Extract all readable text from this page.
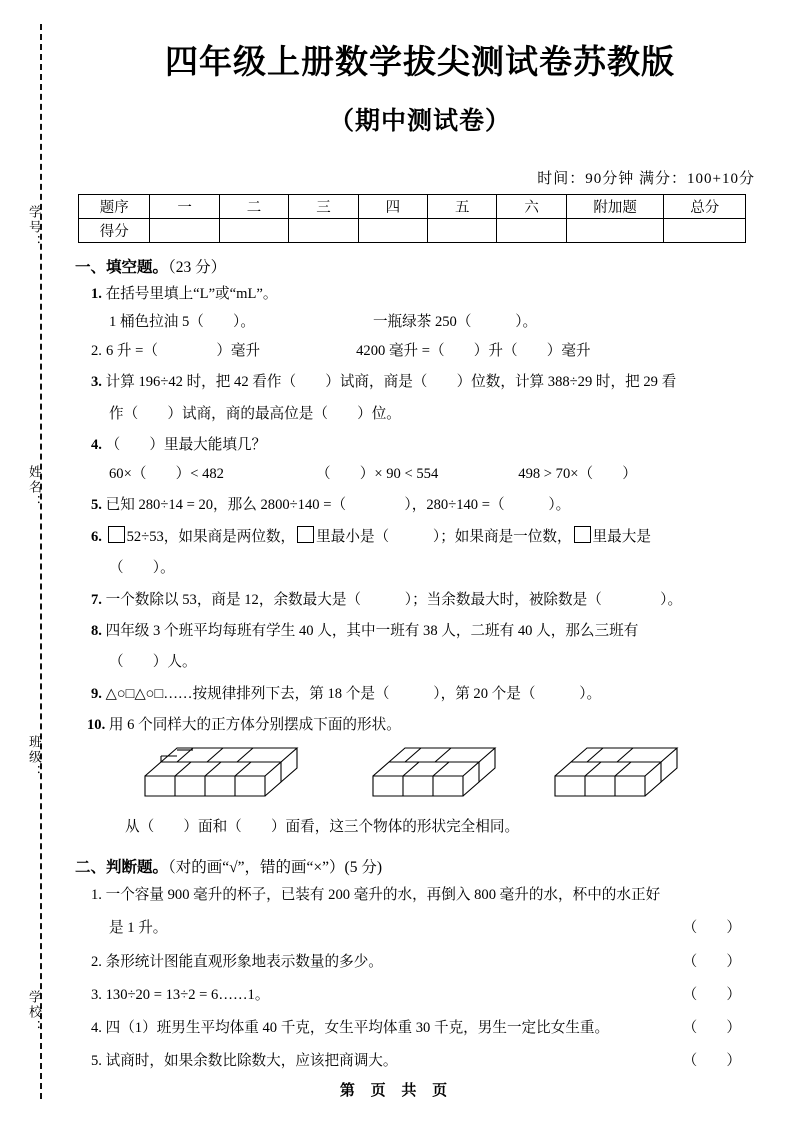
学号：
姓名：
班级：
学校：
四年级上册数学拔尖测试卷苏教版
（期中测试卷）
时间：90分钟 满分：100+10分
题序	一	二	三	四	五	六	附加题	总分
得分								
一、填空题。（23 分）
1. 在括号里填上“L”或“mL”。
1 桶色拉油 5（　　）。	一瓶绿茶 250（　　　）。
2. 6 升 =（　　　　）毫升	4200 毫升 =（　　）升（　　）毫升
3. 计算 196÷42 时，把 42 看作（　　）试商，商是（　　）位数，计算 388÷29 时，把 29 看
作（　　）试商，商的最高位是（　　）位。
4. （　　）里最大能填几？
60×（　　）< 482	（　　）× 90 < 554	498 > 70×（　　）
5. 已知 280÷14 = 20，那么 2800÷140 =（　　　　），280÷140 =（　　　）。
6. 52÷53，如果商是两位数， 里最小是（　　　）；如果商是一位数， 里最大是
（　　）。
7. 一个数除以 53，商是 12，余数最大是（　　　）；当余数最大时，被除数是（　　　　）。
8. 四年级 3 个班平均每班有学生 40 人，其中一班有 38 人，二班有 40 人，那么三班有
（　　）人。
9. △○□△○□……按规律排列下去，第 18 个是（　　　），第 20 个是（　　　）。
10. 用 6 个同样大的正方体分别摆成下面的形状。
从（　　）面和（　　）面看，这三个物体的形状完全相同。
二、判断题。（对的画“√”，错的画“×”）(5 分)
1. 一个容量 900 毫升的杯子，已装有 200 毫升的水，再倒入 800 毫升的水，杯中的水正好
是 1 升。	（　　）
2. 条形统计图能直观形象地表示数量的多少。	（　　）
3. 130÷20 = 13÷2 = 6……1。	（　　）
4. 四（1）班男生平均体重 40 千克，女生平均体重 30 千克，男生一定比女生重。	（　　）
5. 试商时，如果余数比除数大，应该把商调大。	（　　）
第 页 共 页
